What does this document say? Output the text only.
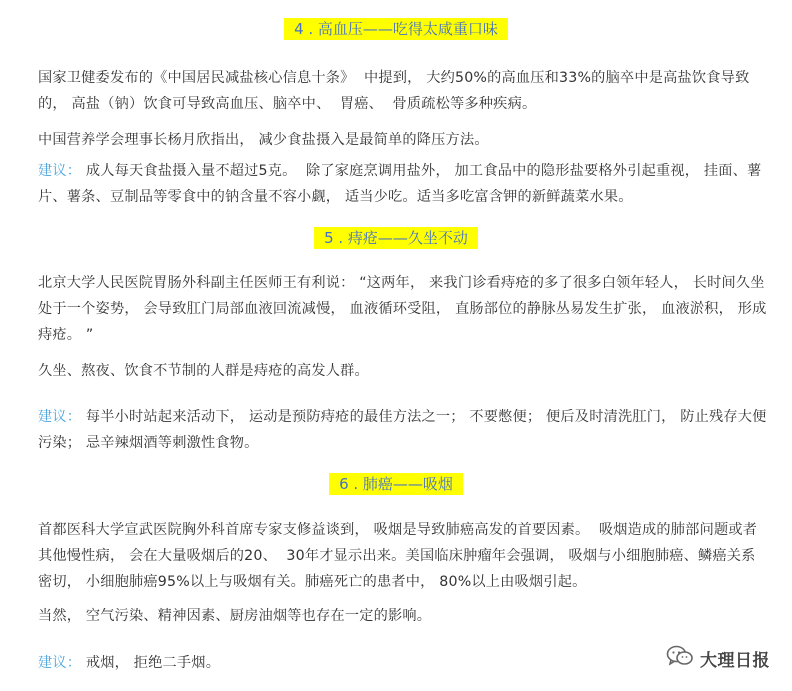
4 . 高血压——吃得太咸重口味

国家卫健委发布的《中国居民减盐核心信息十条》  中提到， 大约50%的高血压和33%的脑卒中是高盐饮食导致的， 高盐（钠）饮食可导致高血压、脑卒中、  胃癌、  骨质疏松等多种疾病。

中国营养学会理事长杨月欣指出， 减少食盐摄入是最简单的降压方法。

建议： 成人每天食盐摄入量不超过5克。  除了家庭烹调用盐外， 加工食品中的隐形盐要格外引起重视， 挂面、薯片、薯条、豆制品等零食中的钠含量不容小觑， 适当少吃。适当多吃富含钾的新鲜蔬菜水果。

5 . 痔疮——久坐不动

北京大学人民医院胃肠外科副主任医师王有利说： “这两年， 来我门诊看痔疮的多了很多白领年轻人， 长时间久坐处于一个姿势， 会导致肛门局部血液回流减慢， 血液循环受阻， 直肠部位的静脉丛易发生扩张， 血液淤积， 形成痔疮。 ”

久坐、熬夜、饮食不节制的人群是痔疮的高发人群。

建议： 每半小时站起来活动下， 运动是预防痔疮的最佳方法之一； 不要憋便； 便后及时清洗肛门， 防止残存大便污染； 忌辛辣烟酒等刺激性食物。

6 . 肺癌——吸烟

首都医科大学宣武医院胸外科首席专家支修益谈到， 吸烟是导致肺癌高发的首要因素。  吸烟造成的肺部问题或者其他慢性病， 会在大量吸烟后的20、  30年才显示出来。美国临床肿瘤年会强调， 吸烟与小细胞肺癌、鳞癌关系密切， 小细胞肺癌95%以上与吸烟有关。肺癌死亡的患者中， 80%以上由吸烟引起。

当然， 空气污染、精神因素、厨房油烟等也存在一定的影响。

建议： 戒烟， 拒绝二手烟。	大理日报
